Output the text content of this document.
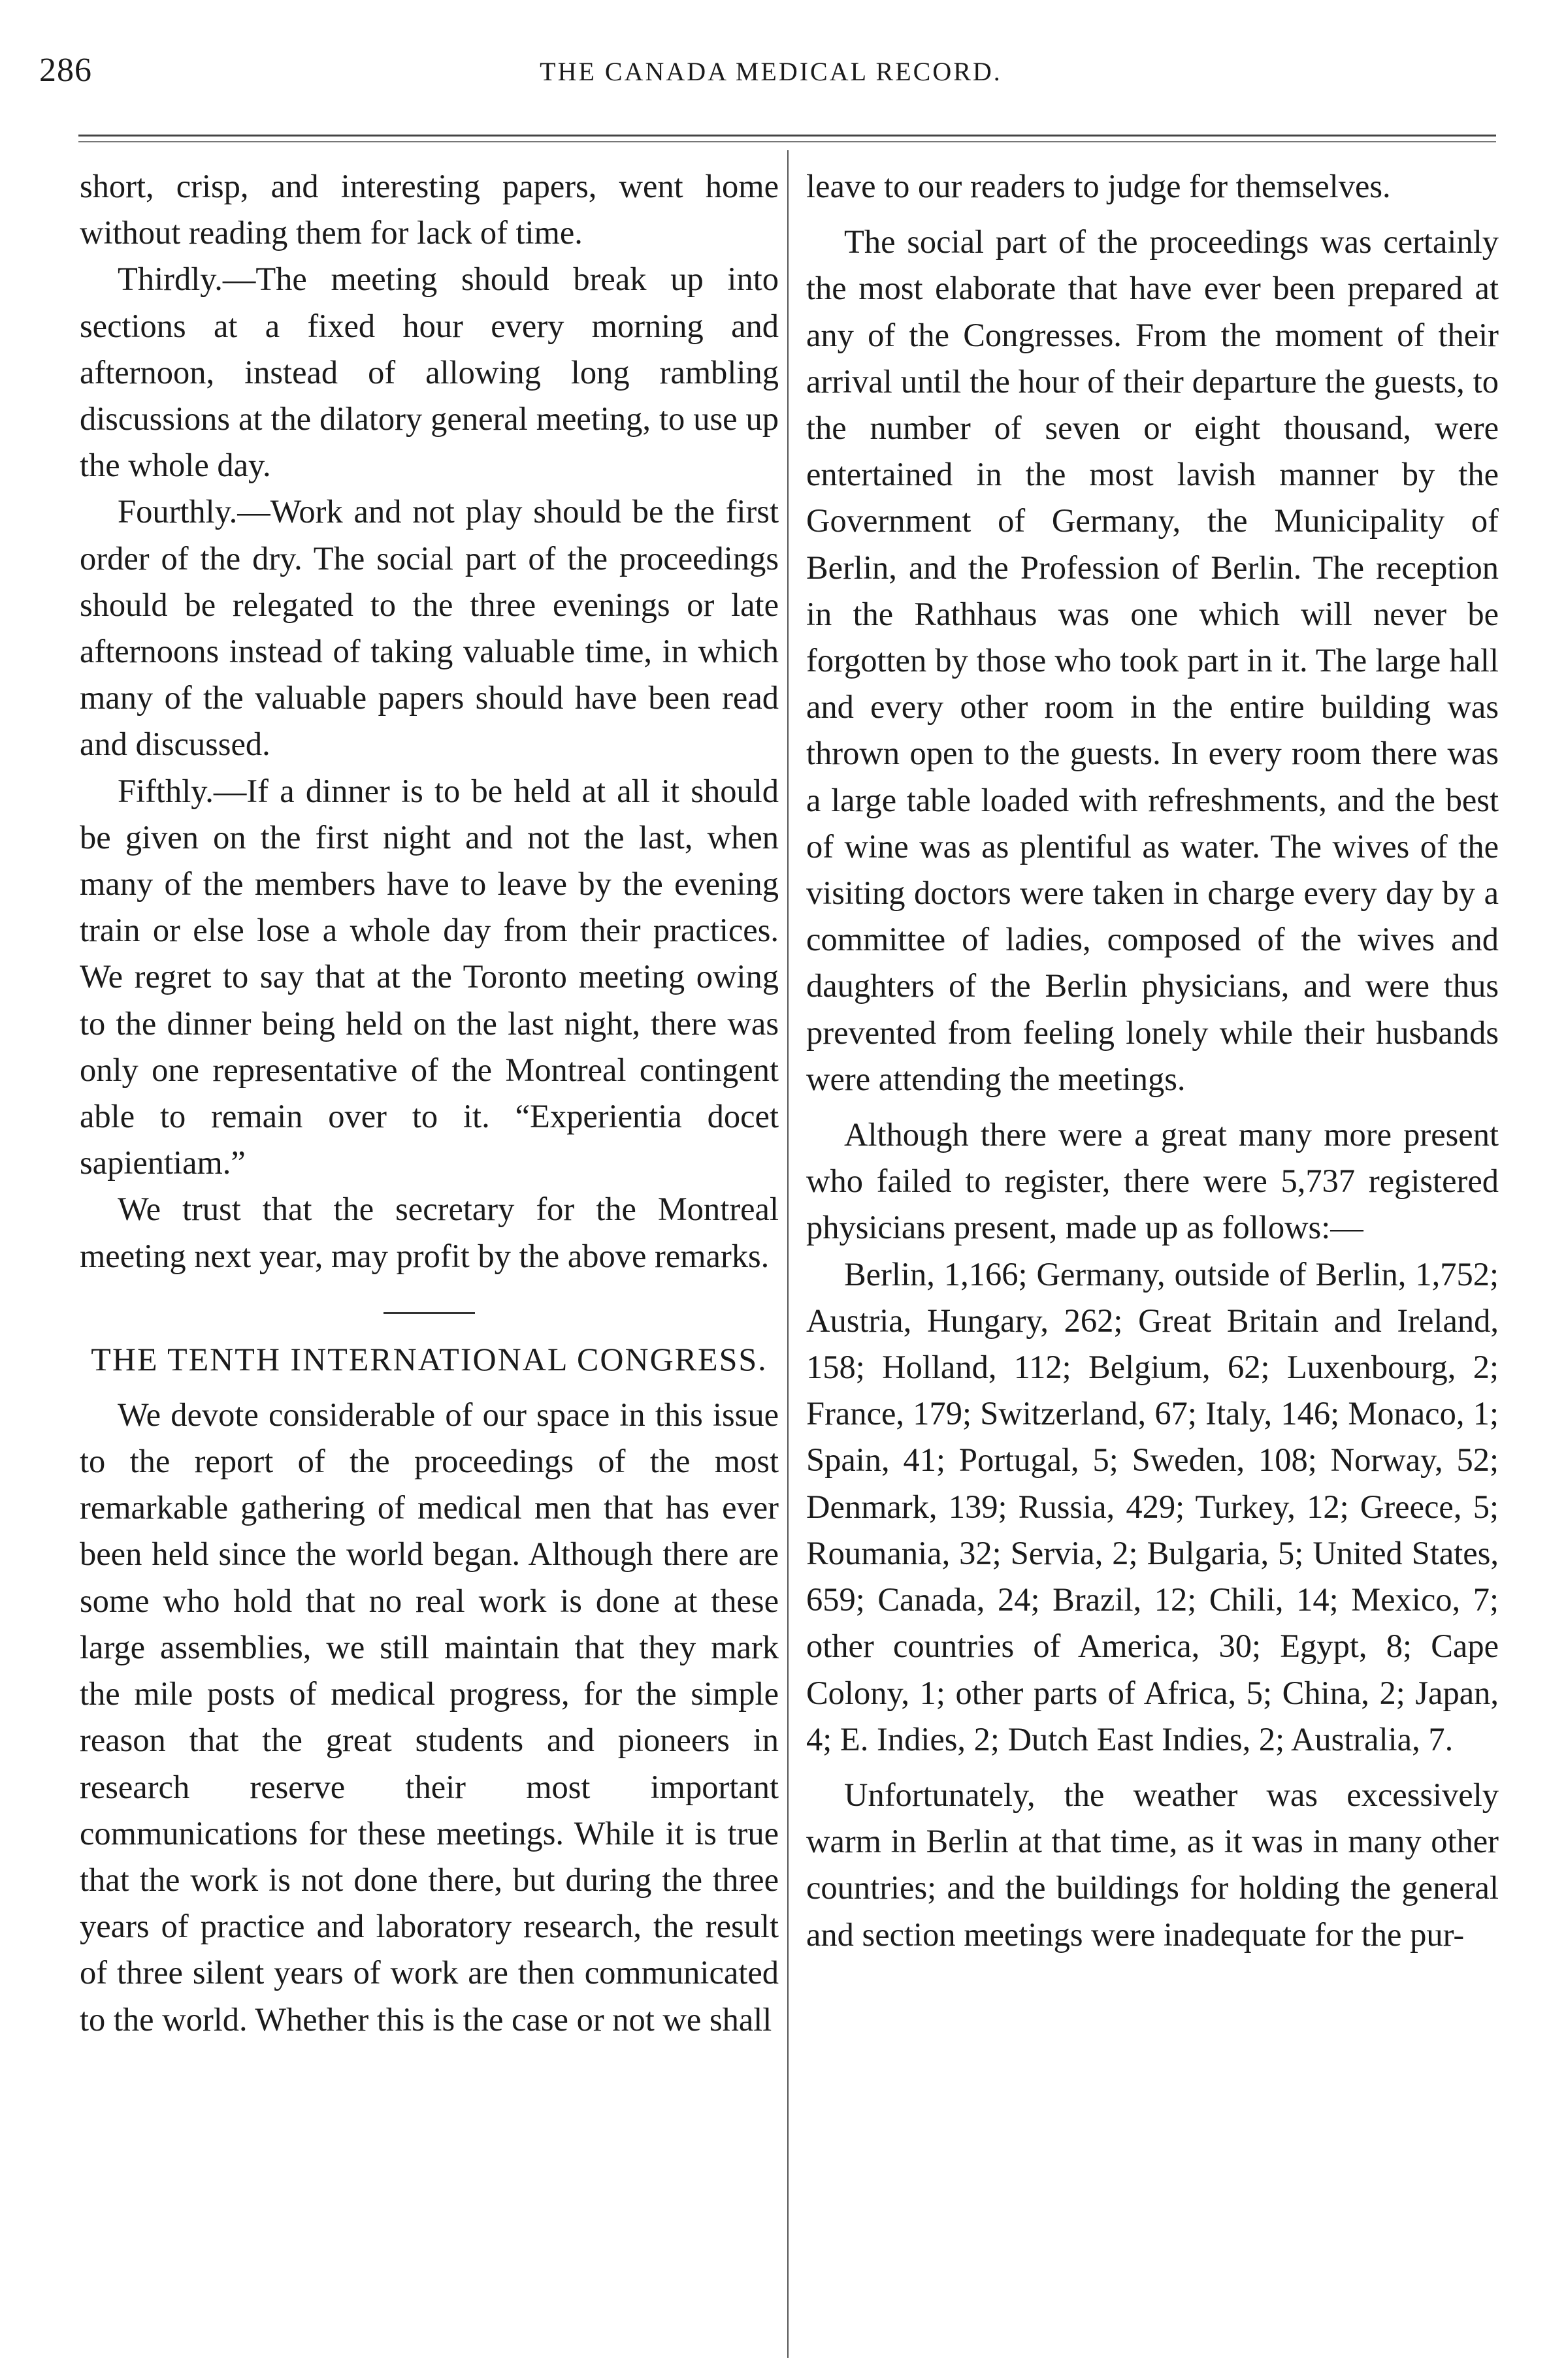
286	THE CANADA MEDICAL RECORD.

short, crisp, and interesting papers, went home without reading them for lack of time.

Thirdly.—The meeting should break up into sections at a fixed hour every morning and afternoon, instead of allowing long rambling discussions at the dilatory general meeting, to use up the whole day.

Fourthly.—Work and not play should be the first order of the dry. The social part of the proceedings should be relegated to the three evenings or late afternoons instead of taking valuable time, in which many of the valuable papers should have been read and discussed.

Fifthly.—If a dinner is to be held at all it should be given on the first night and not the last, when many of the members have to leave by the evening train or else lose a whole day from their practices. We regret to say that at the Toronto meeting owing to the dinner being held on the last night, there was only one representative of the Montreal contingent able to remain over to it. “Experientia docet sapientiam.”

We trust that the secretary for the Montreal meeting next year, may profit by the above remarks.

THE TENTH INTERNATIONAL CONGRESS.

We devote considerable of our space in this issue to the report of the proceedings of the most remarkable gathering of medical men that has ever been held since the world began. Although there are some who hold that no real work is done at these large assemblies, we still maintain that they mark the mile posts of medical progress, for the simple reason that the great students and pioneers in research reserve their most important communications for these meetings. While it is true that the work is not done there, but during the three years of practice and laboratory research, the result of three silent years of work are then communicated to the world. Whether this is the case or not we shall

leave to our readers to judge for themselves.

The social part of the proceedings was certainly the most elaborate that have ever been prepared at any of the Congresses. From the moment of their arrival until the hour of their departure the guests, to the number of seven or eight thousand, were entertained in the most lavish manner by the Government of Germany, the Municipality of Berlin, and the Profession of Berlin. The reception in the Rathhaus was one which will never be forgotten by those who took part in it. The large hall and every other room in the entire building was thrown open to the guests. In every room there was a large table loaded with refreshments, and the best of wine was as plentiful as water. The wives of the visiting doctors were taken in charge every day by a committee of ladies, composed of the wives and daughters of the Berlin physicians, and were thus prevented from feeling lonely while their husbands were attending the meetings.

Although there were a great many more present who failed to register, there were 5,737 registered physicians present, made up as follows:—

Berlin, 1,166; Germany, outside of Berlin, 1,752; Austria, Hungary, 262; Great Britain and Ireland, 158; Holland, 112; Belgium, 62; Luxenbourg, 2; France, 179; Switzerland, 67; Italy, 146; Monaco, 1; Spain, 41; Portugal, 5; Sweden, 108; Norway, 52; Denmark, 139; Russia, 429; Turkey, 12; Greece, 5; Roumania, 32; Servia, 2; Bulgaria, 5; United States, 659; Canada, 24; Brazil, 12; Chili, 14; Mexico, 7; other countries of America, 30; Egypt, 8; Cape Colony, 1; other parts of Africa, 5; China, 2; Japan, 4; E. Indies, 2; Dutch East Indies, 2; Australia, 7.

Unfortunately, the weather was excessively warm in Berlin at that time, as it was in many other countries; and the buildings for holding the general and section meetings were inadequate for the pur-
